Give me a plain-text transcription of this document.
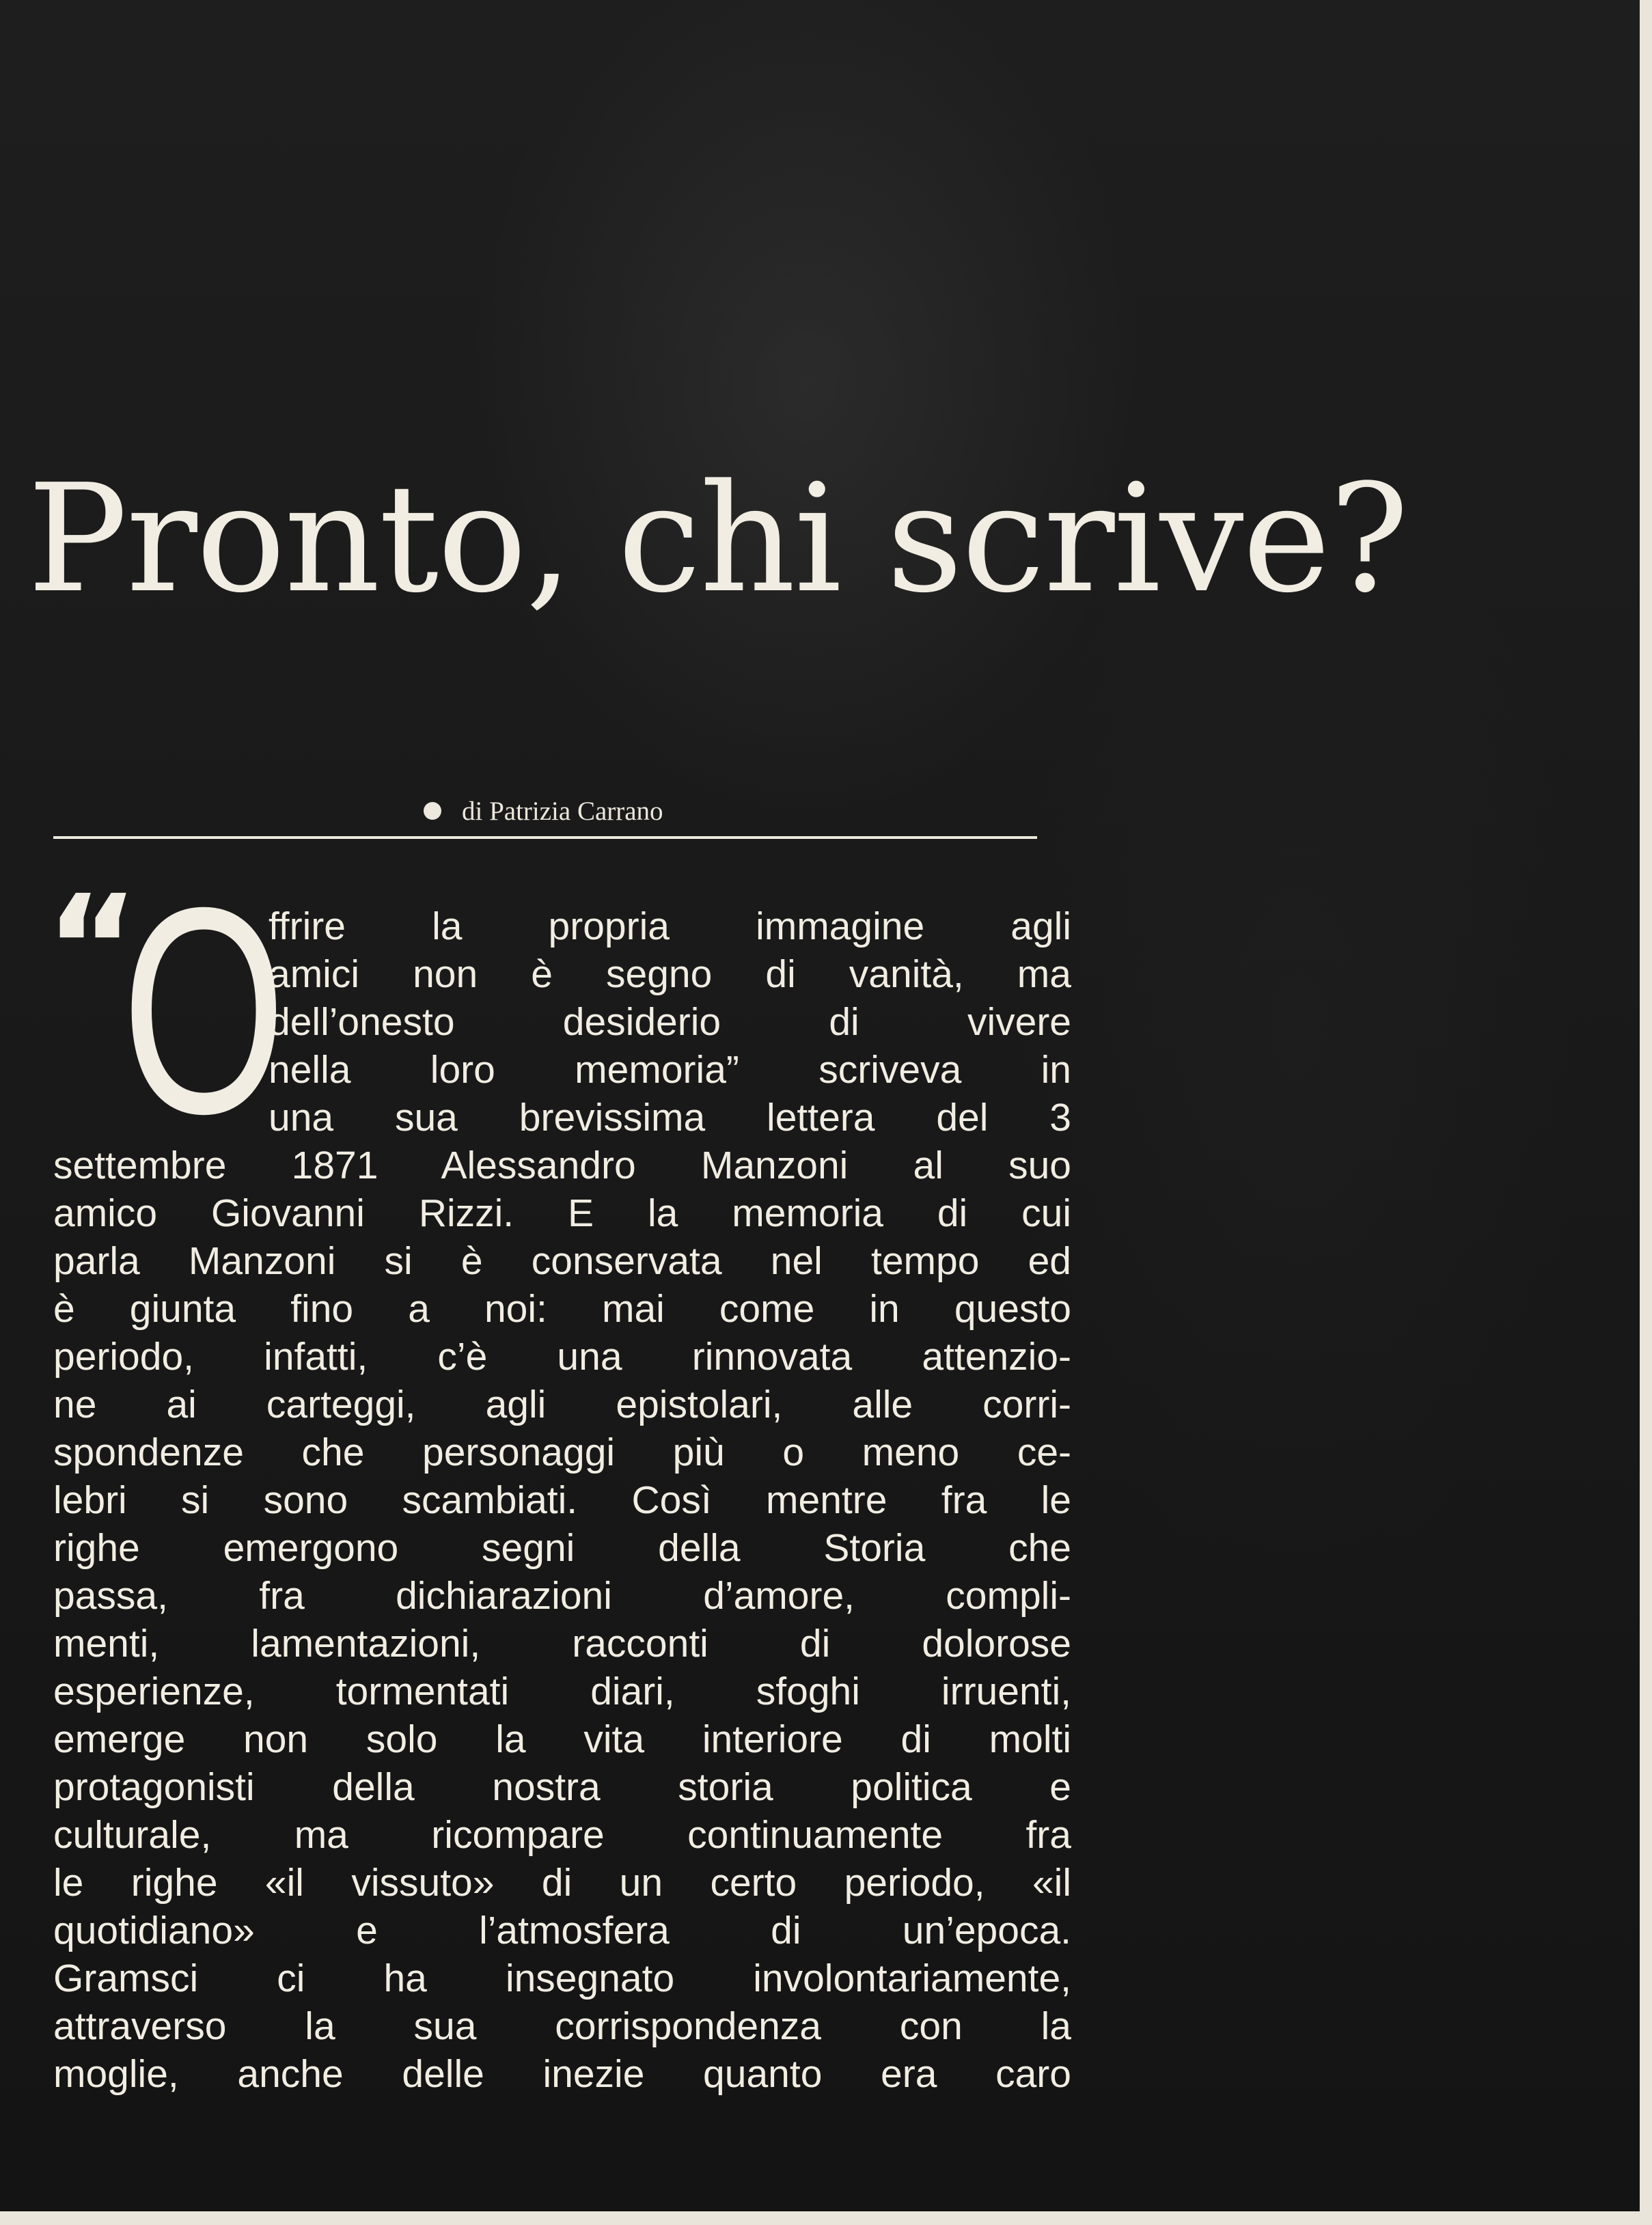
Pronto, chi scrive?
di Patrizia Carrano
“
O
ffrire la propria immagine agli
amici non è segno di vanità, ma
dell’onesto desiderio di vivere
nella loro memoria” scriveva in
una sua brevissima lettera del 3
settembre 1871 Alessandro Manzoni al suo
amico Giovanni Rizzi. E la memoria di cui
parla Manzoni si è conservata nel tempo ed
è giunta fino a noi: mai come in questo
periodo, infatti, c’è una rinnovata attenzio-
ne ai carteggi, agli epistolari, alle corri-
spondenze che personaggi più o meno ce-
lebri si sono scambiati. Così mentre fra le
righe emergono segni della Storia che
passa, fra dichiarazioni d’amore, compli-
menti, lamentazioni, racconti di dolorose
esperienze, tormentati diari, sfoghi irruenti,
emerge non solo la vita interiore di molti
protagonisti della nostra storia politica e
culturale, ma ricompare continuamente fra
le righe «il vissuto» di un certo periodo, «il
quotidiano» e l’atmosfera di un’epoca.
Gramsci ci ha insegnato involontariamente,
attraverso la sua corrispondenza con la
moglie, anche delle inezie quanto era caro
